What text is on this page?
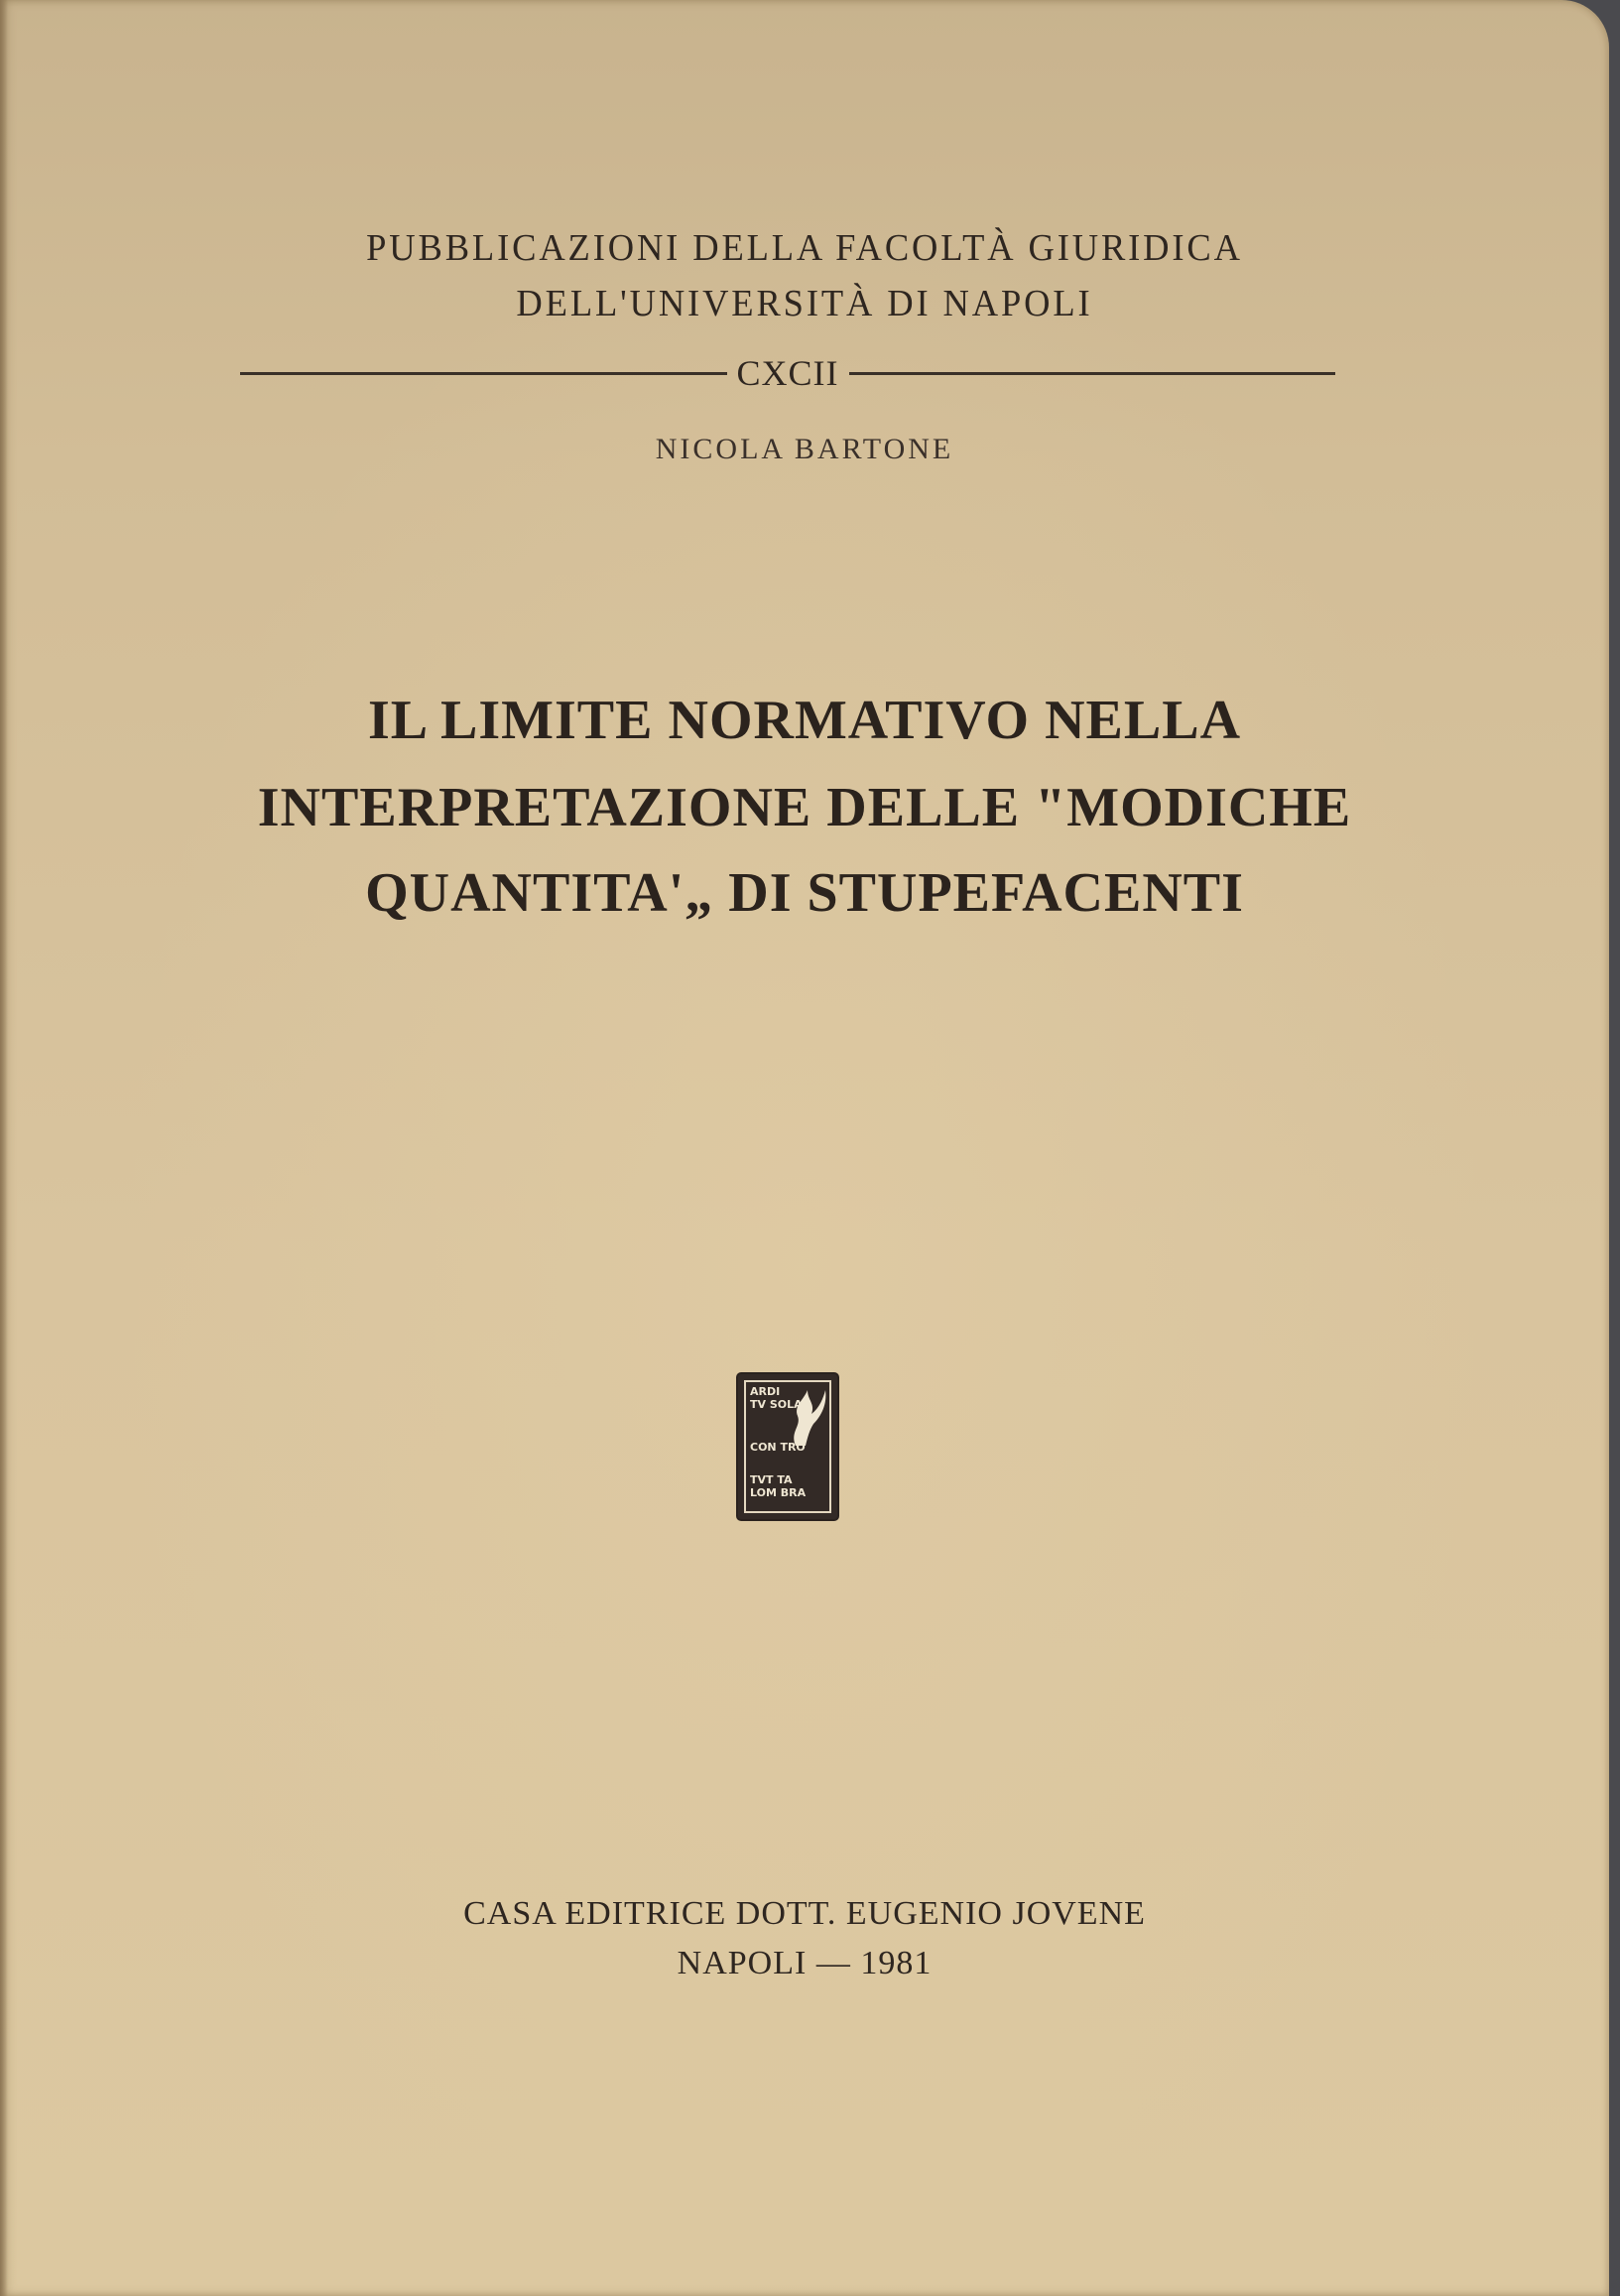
PUBBLICAZIONI DELLA FACOLTÀ GIURIDICA
DELL'UNIVERSITÀ DI NAPOLI
CXCII
NICOLA BARTONE
IL LIMITE NORMATIVO NELLA
INTERPRETAZIONE DELLE "MODICHE
QUANTITA'„ DI STUPEFACENTI
ARDI
TV SOLA
CON TRO
TVT TA
LOM BRA
CASA EDITRICE DOTT. EUGENIO JOVENE
NAPOLI — 1981
